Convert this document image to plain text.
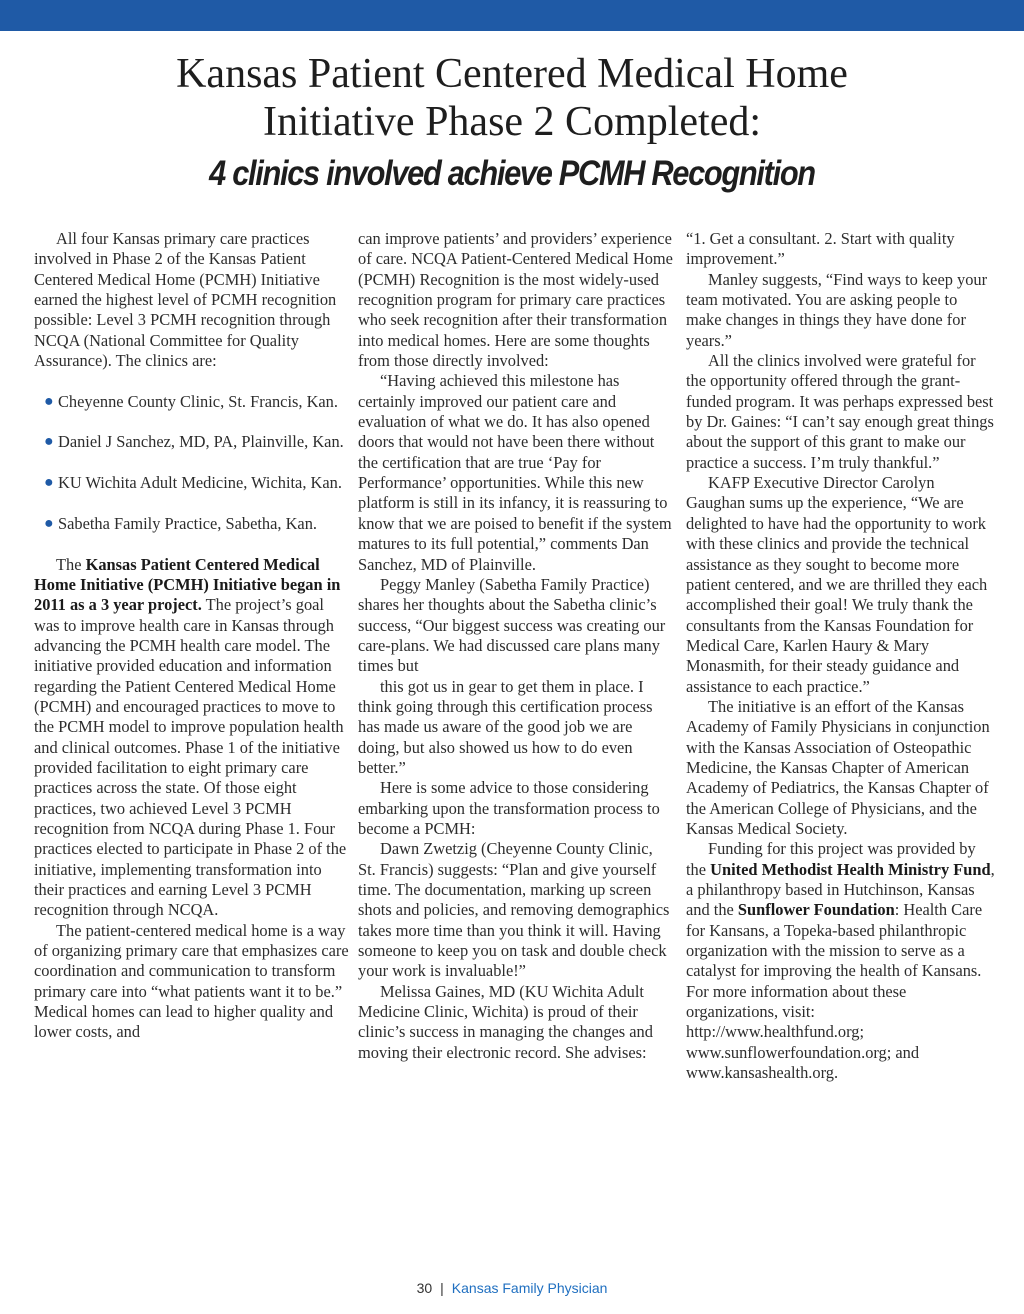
Kansas Patient Centered Medical Home
Initiative Phase 2 Completed:
4 clinics involved achieve PCMH Recognition

All four Kansas primary care practices involved in Phase 2 of the Kansas Patient Centered Medical Home (PCMH) Initiative earned the highest level of PCMH recognition possible: Level 3 PCMH recognition through NCQA (National Committee for Quality Assurance). The clinics are:

● Cheyenne County Clinic, St. Francis, Kan.
● Daniel J Sanchez, MD, PA, Plainville, Kan.
● KU Wichita Adult Medicine, Wichita, Kan.
● Sabetha Family Practice, Sabetha, Kan.

The Kansas Patient Centered Medical Home Initiative (PCMH) Initiative began in 2011 as a 3 year project. The project’s goal was to improve health care in Kansas through advancing the PCMH health care model. The initiative provided education and information regarding the Patient Centered Medical Home (PCMH) and encouraged practices to move to the PCMH model to improve population health and clinical outcomes. Phase 1 of the initiative provided facilitation to eight primary care practices across the state. Of those eight practices, two achieved Level 3 PCMH recognition from NCQA during Phase 1. Four practices elected to participate in Phase 2 of the initiative, implementing transformation into their practices and earning Level 3 PCMH recognition through NCQA.

The patient-centered medical home is a way of organizing primary care that emphasizes care coordination and communication to transform primary care into “what patients want it to be.” Medical homes can lead to higher quality and lower costs, and

can improve patients’ and providers’ experience of care. NCQA Patient-Centered Medical Home (PCMH) Recognition is the most widely-used recognition program for primary care practices who seek recognition after their transformation into medical homes. Here are some thoughts from those directly involved:

“Having achieved this milestone has certainly improved our patient care and evaluation of what we do. It has also opened doors that would not have been there without the certification that are true ‘Pay for Performance’ opportunities. While this new platform is still in its infancy, it is reassuring to know that we are poised to benefit if the system matures to its full potential,” comments Dan Sanchez, MD of Plainville.

Peggy Manley (Sabetha Family Practice) shares her thoughts about the Sabetha clinic’s success, “Our biggest success was creating our care-plans. We had discussed care plans many times but

this got us in gear to get them in place. I think going through this certification process has made us aware of the good job we are doing, but also showed us how to do even better.”

Here is some advice to those considering embarking upon the transformation process to become a PCMH:

Dawn Zwetzig (Cheyenne County Clinic, St. Francis) suggests: “Plan and give yourself time. The documentation, marking up screen shots and policies, and removing demographics takes more time than you think it will. Having someone to keep you on task and double check your work is invaluable!”

Melissa Gaines, MD (KU Wichita Adult Medicine Clinic, Wichita) is proud of their clinic’s success in managing the changes and moving their electronic record. She advises:

“1. Get a consultant. 2. Start with quality improvement.”

Manley suggests, “Find ways to keep your team motivated. You are asking people to make changes in things they have done for years.”

All the clinics involved were grateful for the opportunity offered through the grant-funded program. It was perhaps expressed best by Dr. Gaines: “I can’t say enough great things about the support of this grant to make our practice a success. I’m truly thankful.”

KAFP Executive Director Carolyn Gaughan sums up the experience, “We are delighted to have had the opportunity to work with these clinics and provide the technical assistance as they sought to become more patient centered, and we are thrilled they each accomplished their goal! We truly thank the consultants from the Kansas Foundation for Medical Care, Karlen Haury & Mary Monasmith, for their steady guidance and assistance to each practice.”

The initiative is an effort of the Kansas Academy of Family Physicians in conjunction with the Kansas Association of Osteopathic Medicine, the Kansas Chapter of American Academy of Pediatrics, the Kansas Chapter of the American College of Physicians, and the Kansas Medical Society.

Funding for this project was provided by the United Methodist Health Ministry Fund, a philanthropy based in Hutchinson, Kansas and the Sunflower Foundation: Health Care for Kansans, a Topeka-based philanthropic organization with the mission to serve as a catalyst for improving the health of Kansans. For more information about these organizations, visit: http://www.healthfund.org; www.sunflowerfoundation.org; and www.kansashealth.org.

30 | Kansas Family Physician
